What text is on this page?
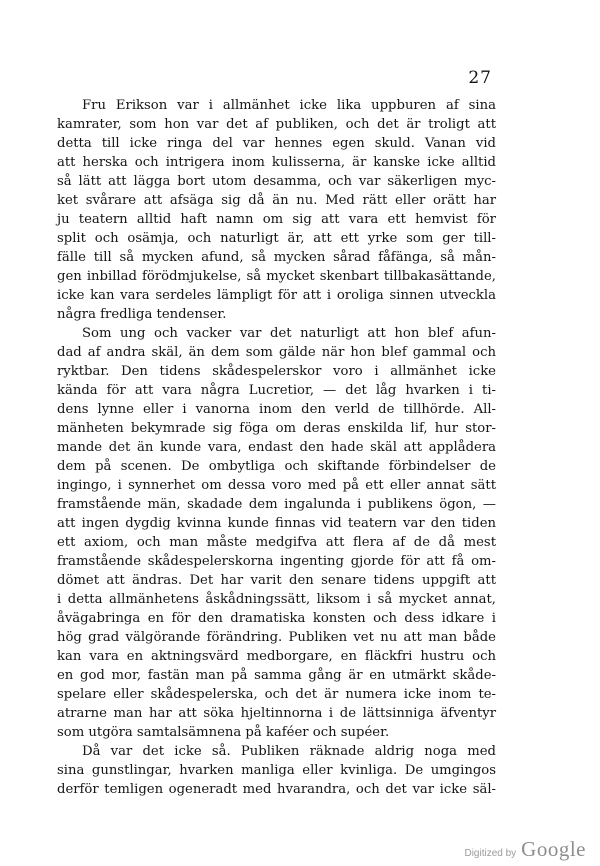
27
Fru Erikson var i allmänhet icke lika uppburen af sina
kamrater, som hon var det af publiken, och det är troligt att
detta till icke ringa del var hennes egen skuld. Vanan vid
att herska och intrigera inom kulisserna, är kanske icke alltid
så lätt att lägga bort utom desamma, och var säkerligen myc-
ket svårare att afsäga sig då än nu. Med rätt eller orätt har
ju teatern alltid haft namn om sig att vara ett hemvist för
split och osämja, och naturligt är, att ett yrke som ger till-
fälle till så mycken afund, så mycken sårad fåfänga, så mån-
gen inbillad förödmjukelse, så mycket skenbart tillbakasättande,
icke kan vara serdeles lämpligt för att i oroliga sinnen utveckla
några fredliga tendenser.
Som ung och vacker var det naturligt att hon blef afun-
dad af andra skäl, än dem som gälde när hon blef gammal och
ryktbar. Den tidens skådespelerskor voro i allmänhet icke
kända för att vara några Lucretior, — det låg hvarken i ti-
dens lynne eller i vanorna inom den verld de tillhörde. All-
mänheten bekymrade sig föga om deras enskilda lif, hur stor-
mande det än kunde vara, endast den hade skäl att applådera
dem på scenen. De ombytliga och skiftande förbindelser de
ingingo, i synnerhet om dessa voro med på ett eller annat sätt
framstående män, skadade dem ingalunda i publikens ögon, —
att ingen dygdig kvinna kunde finnas vid teatern var den tiden
ett axiom, och man måste medgifva att flera af de då mest
framstående skådespelerskorna ingenting gjorde för att få om-
dömet att ändras. Det har varit den senare tidens uppgift att
i detta allmänhetens åskådningssätt, liksom i så mycket annat,
åvägabringa en för den dramatiska konsten och dess idkare i
hög grad välgörande förändring. Publiken vet nu att man både
kan vara en aktningsvärd medborgare, en fläckfri hustru och
en god mor, fastän man på samma gång är en utmärkt skåde-
spelare eller skådespelerska, och det är numera icke inom te-
atrarne man har att söka hjeltinnorna i de lättsinniga äfventyr
som utgöra samtalsämnena på kaféer och supéer.
Då var det icke så. Publiken räknade aldrig noga med
sina gunstlingar, hvarken manliga eller kvinliga. De umgingos
derför temligen ogeneradt med hvarandra, och det var icke säl-
Digitized by Google
